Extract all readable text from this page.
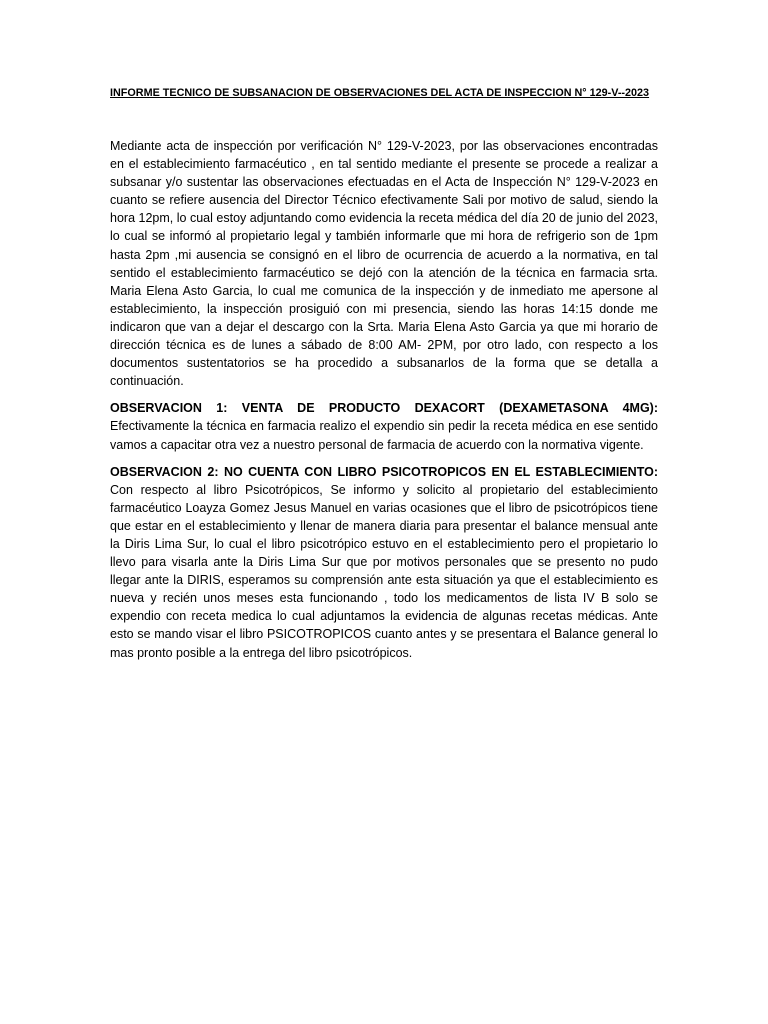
INFORME TECNICO DE SUBSANACION DE OBSERVACIONES DEL ACTA DE INSPECCION N° 129-V--2023

Mediante acta de inspección por verificación N° 129-V-2023, por las observaciones encontradas en el establecimiento farmacéutico , en tal sentido mediante el presente se procede a realizar a subsanar y/o sustentar las observaciones efectuadas en el Acta de Inspección N° 129-V-2023 en cuanto se refiere ausencia del Director Técnico efectivamente Sali por motivo de salud, siendo la hora 12pm, lo cual estoy adjuntando como evidencia la receta médica del día 20 de junio del 2023, lo cual se informó al propietario legal y también informarle que mi hora de refrigerio son de 1pm hasta 2pm ,mi ausencia se consignó en el libro de ocurrencia de acuerdo a la normativa, en tal sentido el establecimiento farmacéutico se dejó con la atención de la técnica en farmacia srta. Maria Elena Asto Garcia, lo cual me comunica de la inspección y de inmediato me apersone al establecimiento, la inspección prosiguió con mi presencia, siendo las horas 14:15 donde me indicaron que van a dejar el descargo con la Srta. Maria Elena Asto Garcia ya que mi horario de dirección técnica es de lunes a sábado de 8:00 AM- 2PM, por otro lado, con respecto a los documentos sustentatorios se ha procedido a subsanarlos de la forma que se detalla a continuación.

OBSERVACION 1: VENTA DE PRODUCTO DEXACORT (DEXAMETASONA 4MG): Efectivamente la técnica en farmacia realizo el expendio sin pedir la receta médica en ese sentido vamos a capacitar otra vez a nuestro personal de farmacia de acuerdo con la normativa vigente.

OBSERVACION 2: NO CUENTA CON LIBRO PSICOTROPICOS EN EL ESTABLECIMIENTO: Con respecto al libro Psicotrópicos, Se informo y solicito al propietario del establecimiento farmacéutico Loayza Gomez Jesus Manuel en varias ocasiones que el libro de psicotrópicos tiene que estar en el establecimiento y llenar de manera diaria para presentar el balance mensual ante la Diris Lima Sur, lo cual el libro psicotrópico estuvo en el establecimiento pero el propietario lo llevo para visarla ante la Diris Lima Sur que por motivos personales que se presento no pudo llegar ante la DIRIS, esperamos su comprensión ante esta situación ya que el establecimiento es nueva y recién unos meses esta funcionando , todo los medicamentos de lista IV B solo se expendio con receta medica lo cual adjuntamos la evidencia de algunas recetas médicas. Ante esto se mando visar el libro PSICOTROPICOS cuanto antes y se presentara el Balance general lo mas pronto posible a la entrega del libro psicotrópicos.
